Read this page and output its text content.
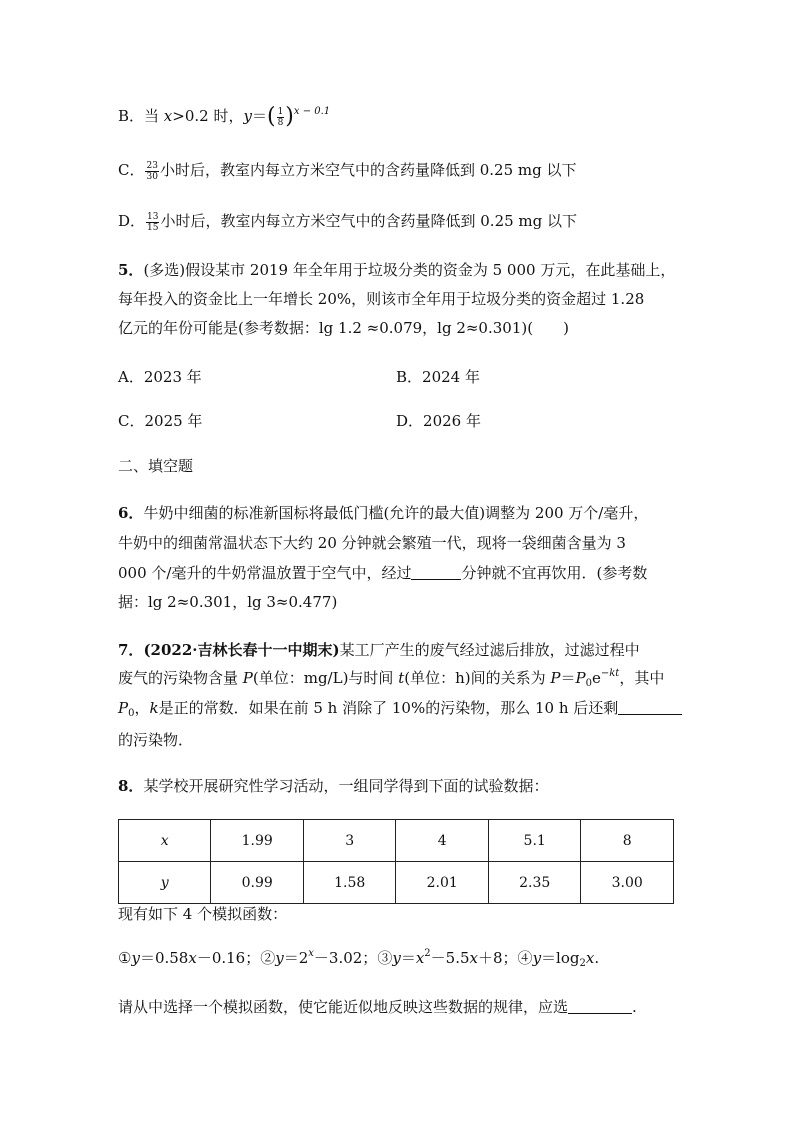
B．当 x>0.2 时，$y=( \frac{1}{8} )^{x - 0.1}$
C． $\frac{23}{30}$ 小时后，教室内每立方米空气中的含药量降低到 0.25 mg 以下
D． $\frac{13}{15}$ 小时后，教室内每立方米空气中的含药量降低到 0.25 mg 以下
5．(多选)假设某市 2019 年全年用于垃圾分类的资金为 5 000 万元，在此基础上，
每年投入的资金比上一年增长 20%，则该市全年用于垃圾分类的资金超过 1.28
亿元的年份可能是(参考数据：lg 1.2 ≈0.079，lg 2≈0.301)(　　)
A．2023 年	B．2024 年
C．2025 年	D．2026 年
二、填空题
6．牛奶中细菌的标准新国标将最低门槛(允许的最大值)调整为 200 万个/毫升，
牛奶中的细菌常温状态下大约 20 分钟就会繁殖一代，现将一袋细菌含量为 3
000 个/毫升的牛奶常温放置于空气中，经过	分钟就不宜再饮用．(参考数
据：lg 2≈0.301，lg 3≈0.477)
7．(2022·吉林长春十一中期末)某工厂产生的废气经过滤后排放，过滤过程中
废气的污染物含量 P(单位：mg/L)与时间 t(单位：h)间的关系为 $P=P_0e^{-kt}$，其中
$P_0$，k是正的常数．如果在前 5 h 消除了 10%的污染物，那么 10 h 后还剩
的污染物．
8．某学校开展研究性学习活动，一组同学得到下面的试验数据：
x	1.99	3	4	5.1	8
y	0.99	1.58	2.01	2.35	3.00
现有如下 4 个模拟函数：
①y＝0.58x－0.16；$②y=2^x-3.02$；$③y=x^2-5.5x+8$；$④y=\log_2x$.
请从中选择一个模拟函数，使它能近似地反映这些数据的规律，应选	.
